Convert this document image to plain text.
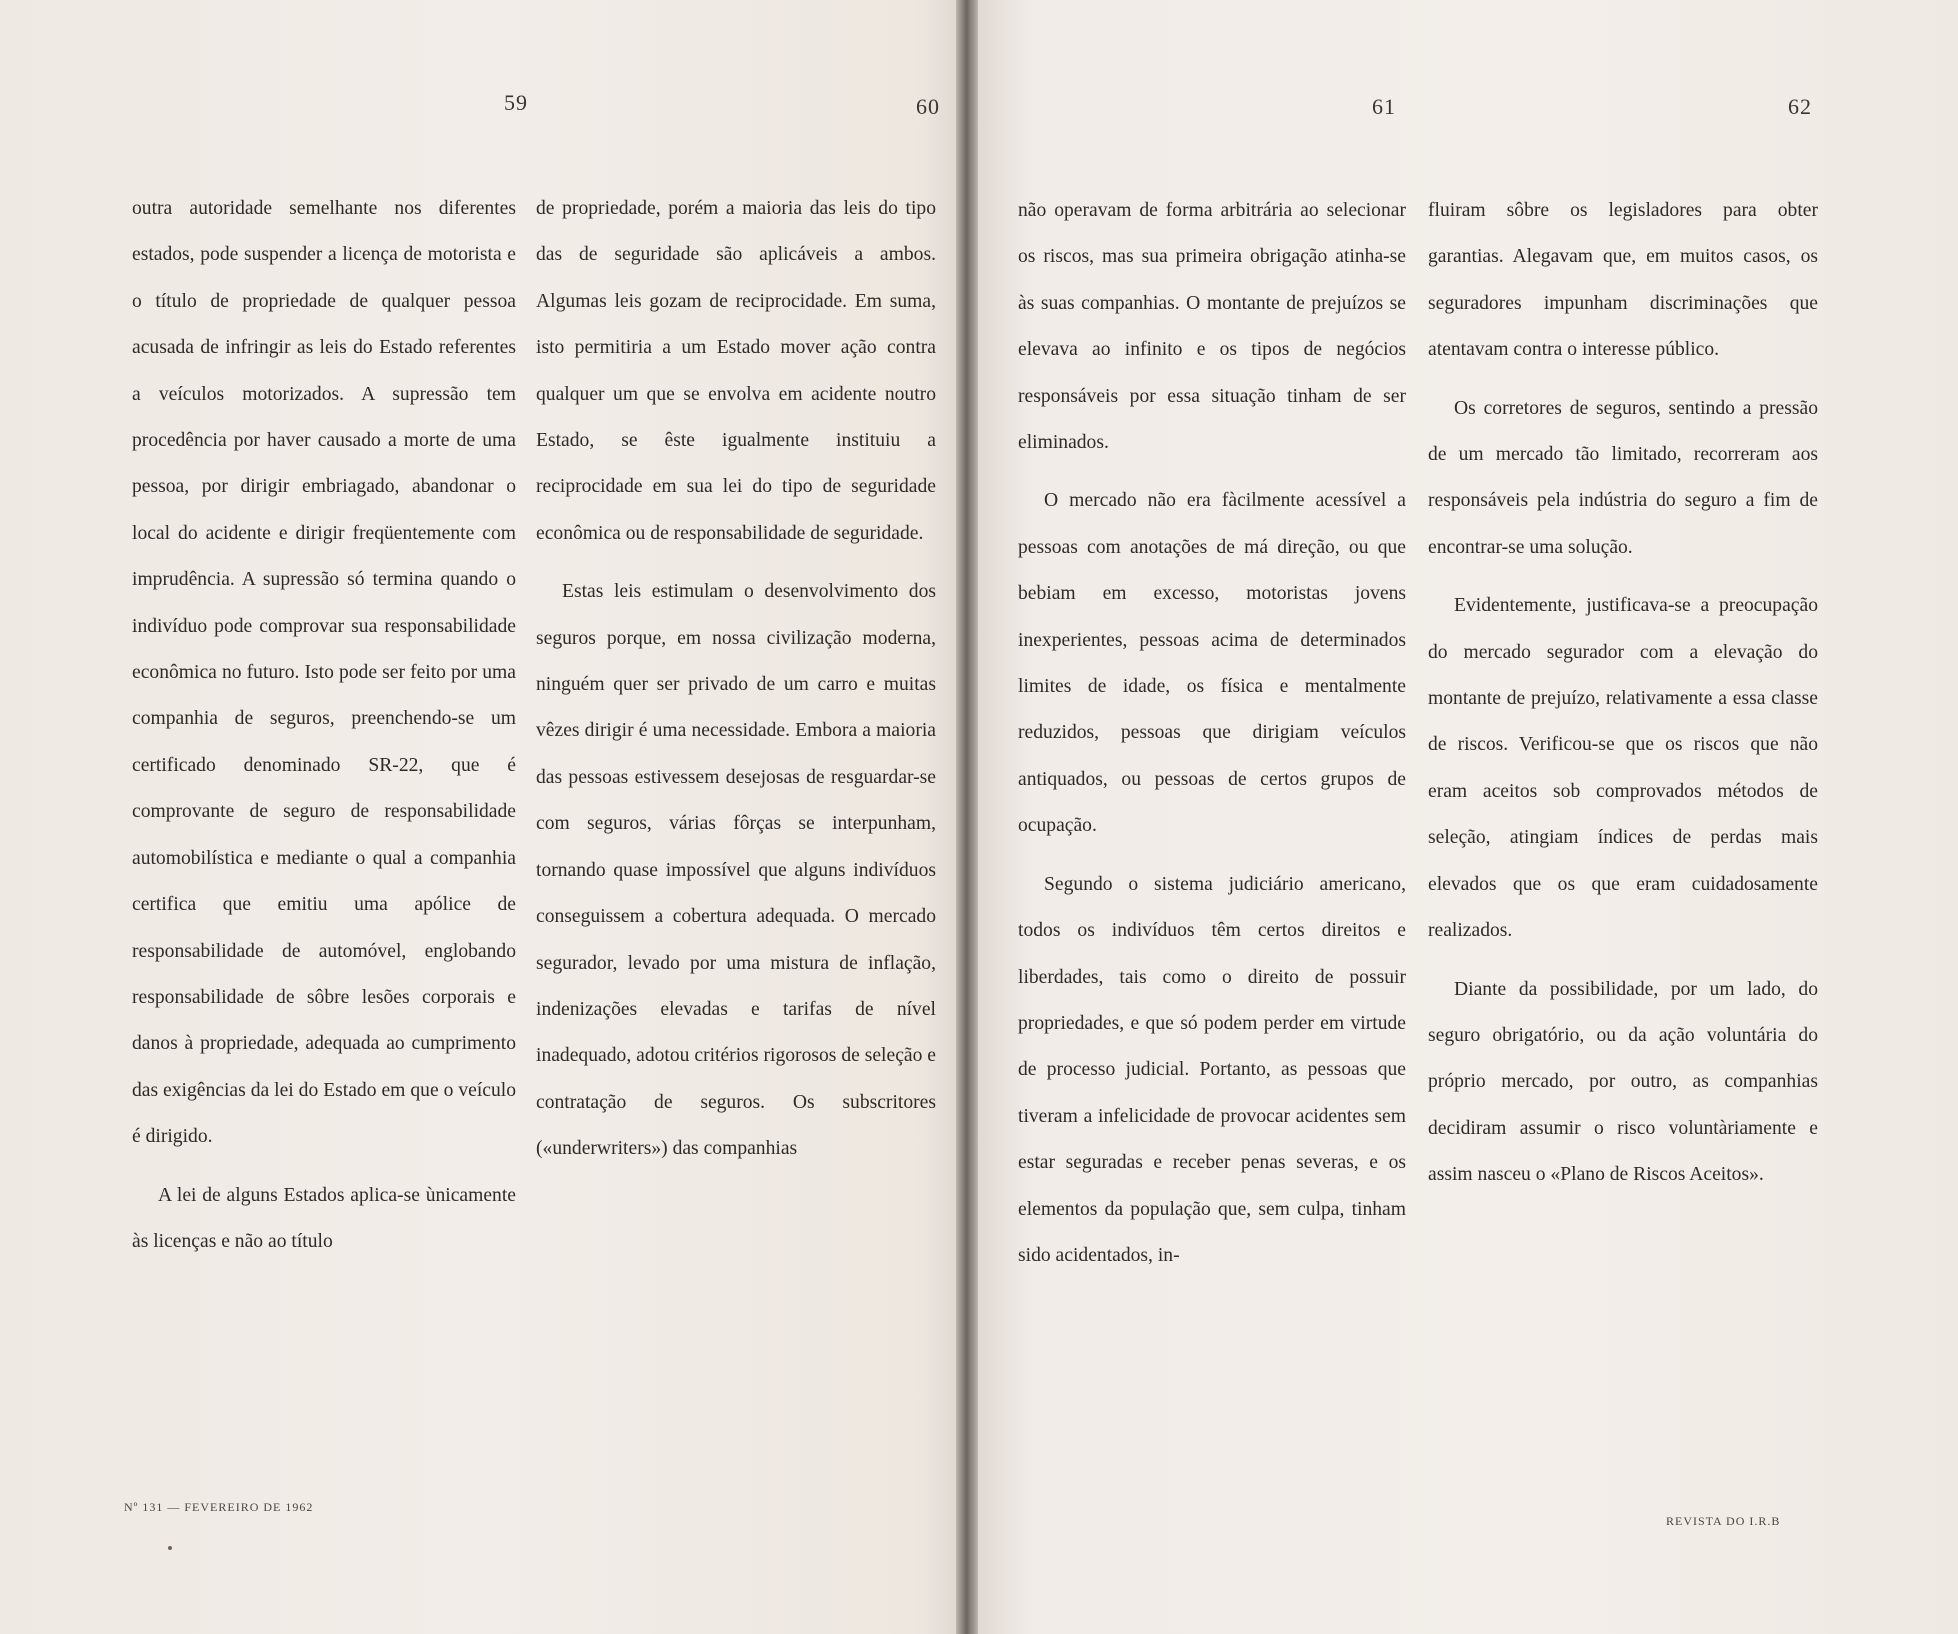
59	60	61	62

outra autoridade semelhante nos diferentes estados, pode suspender a licença de motorista e o título de propriedade de qualquer pessoa acusada de infringir as leis do Estado referentes a veículos motorizados. A supressão tem procedência por haver causado a morte de uma pessoa, por dirigir embriagado, abandonar o local do acidente e dirigir freqüentemente com imprudência. A supressão só termina quando o indivíduo pode comprovar sua responsabilidade econômica no futuro. Isto pode ser feito por uma companhia de seguros, preenchendo-se um certificado denominado SR-22, que é comprovante de seguro de responsabilidade automobilística e mediante o qual a companhia certifica que emitiu uma apólice de responsabilidade de automóvel, englobando responsabilidade de sôbre lesões corporais e danos à propriedade, adequada ao cumprimento das exigências da lei do Estado em que o veículo é dirigido.

A lei de alguns Estados aplica-se ùnicamente às licenças e não ao título

de propriedade, porém a maioria das leis do tipo das de seguridade são aplicáveis a ambos. Algumas leis gozam de reciprocidade. Em suma, isto permitiria a um Estado mover ação contra qualquer um que se envolva em acidente noutro Estado, se êste igualmente instituiu a reciprocidade em sua lei do tipo de seguridade econômica ou de responsabilidade de seguridade.

Estas leis estimulam o desenvolvimento dos seguros porque, em nossa civilização moderna, ninguém quer ser privado de um carro e muitas vêzes dirigir é uma necessidade. Embora a maioria das pessoas estivessem desejosas de resguardar-se com seguros, várias fôrças se interpunham, tornando quase impossível que alguns indivíduos conseguissem a cobertura adequada. O mercado segurador, levado por uma mistura de inflação, indenizações elevadas e tarifas de nível inadequado, adotou critérios rigorosos de seleção e contratação de seguros. Os subscritores («underwriters») das companhias

não operavam de forma arbitrária ao selecionar os riscos, mas sua primeira obrigação atinha-se às suas companhias. O montante de prejuízos se elevava ao infinito e os tipos de negócios responsáveis por essa situação tinham de ser eliminados.

O mercado não era fàcilmente acessível a pessoas com anotações de má direção, ou que bebiam em excesso, motoristas jovens inexperientes, pessoas acima de determinados limites de idade, os física e mentalmente reduzidos, pessoas que dirigiam veículos antiquados, ou pessoas de certos grupos de ocupação.

Segundo o sistema judiciário americano, todos os indivíduos têm certos direitos e liberdades, tais como o direito de possuir propriedades, e que só podem perder em virtude de processo judicial. Portanto, as pessoas que tiveram a infelicidade de provocar acidentes sem estar seguradas e receber penas severas, e os elementos da população que, sem culpa, tinham sido acidentados, in-

fluiram sôbre os legisladores para obter garantias. Alegavam que, em muitos casos, os seguradores impunham discriminações que atentavam contra o interesse público.

Os corretores de seguros, sentindo a pressão de um mercado tão limitado, recorreram aos responsáveis pela indústria do seguro a fim de encontrar-se uma solução.

Evidentemente, justificava-se a preocupação do mercado segurador com a elevação do montante de prejuízo, relativamente a essa classe de riscos. Verificou-se que os riscos que não eram aceitos sob comprovados métodos de seleção, atingiam índices de perdas mais elevados que os que eram cuidadosamente realizados.

Diante da possibilidade, por um lado, do seguro obrigatório, ou da ação voluntária do próprio mercado, por outro, as companhias decidiram assumir o risco voluntàriamente e assim nasceu o «Plano de Riscos Aceitos».

Nº 131 — FEVEREIRO DE 1962
REVISTA DO I.R.B
